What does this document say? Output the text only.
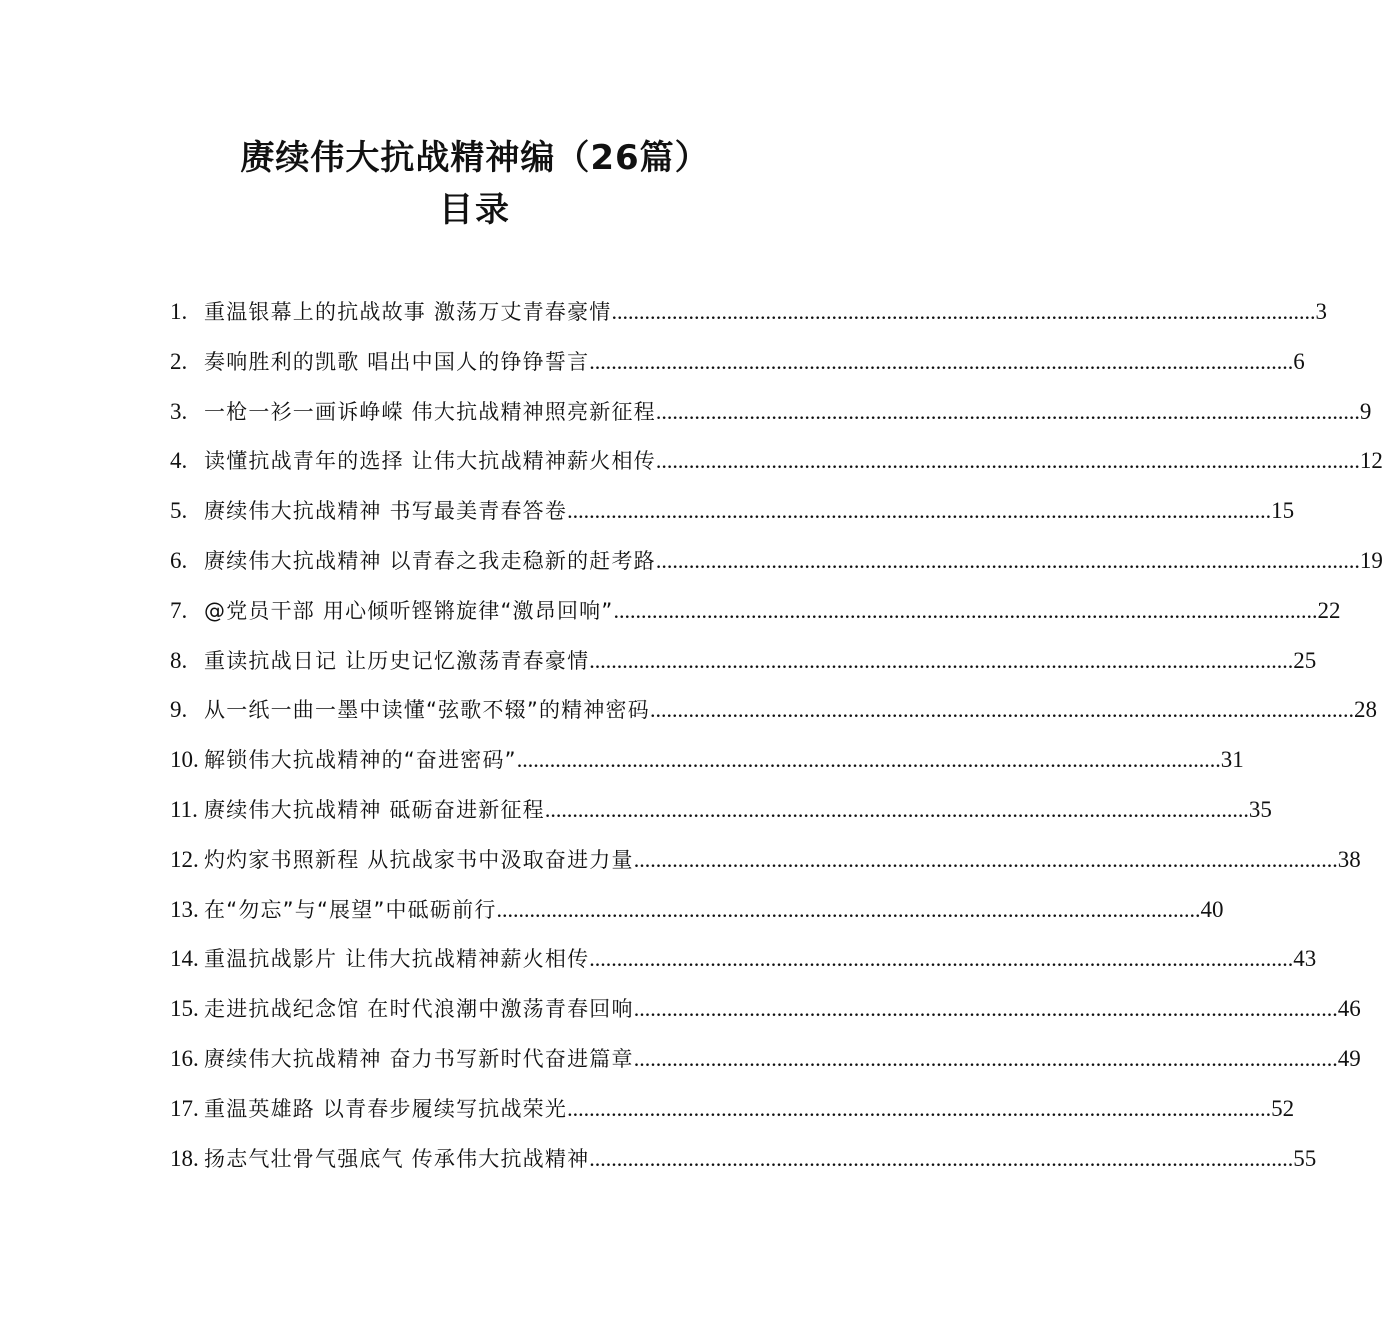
赓续伟大抗战精神编（26篇）
目录
1. 重温银幕上的抗战故事 激荡万丈青春豪情 .....	3
2. 奏响胜利的凯歌 唱出中国人的铮铮誓言 .....	6
3. 一枪一衫一画诉峥嵘 伟大抗战精神照亮新征程 .....	9
4. 读懂抗战青年的选择 让伟大抗战精神薪火相传 .....	12
5. 赓续伟大抗战精神 书写最美青春答卷 .....	15
6. 赓续伟大抗战精神 以青春之我走稳新的赶考路 .....	19
7. @党员干部 用心倾听铿锵旋律“激昂回响” .....	22
8. 重读抗战日记 让历史记忆激荡青春豪情 .....	25
9. 从一纸一曲一墨中读懂“弦歌不辍”的精神密码 .....	28
10. 解锁伟大抗战精神的“奋进密码” .....	31
11. 赓续伟大抗战精神 砥砺奋进新征程 .....	35
12. 灼灼家书照新程 从抗战家书中汲取奋进力量 .....	38
13. 在“勿忘”与“展望”中砥砺前行 .....	40
14. 重温抗战影片 让伟大抗战精神薪火相传 .....	43
15. 走进抗战纪念馆 在时代浪潮中激荡青春回响 .....	46
16. 赓续伟大抗战精神 奋力书写新时代奋进篇章 .....	49
17. 重温英雄路 以青春步履续写抗战荣光 .....	52
18. 扬志气壮骨气强底气 传承伟大抗战精神 .....	55
